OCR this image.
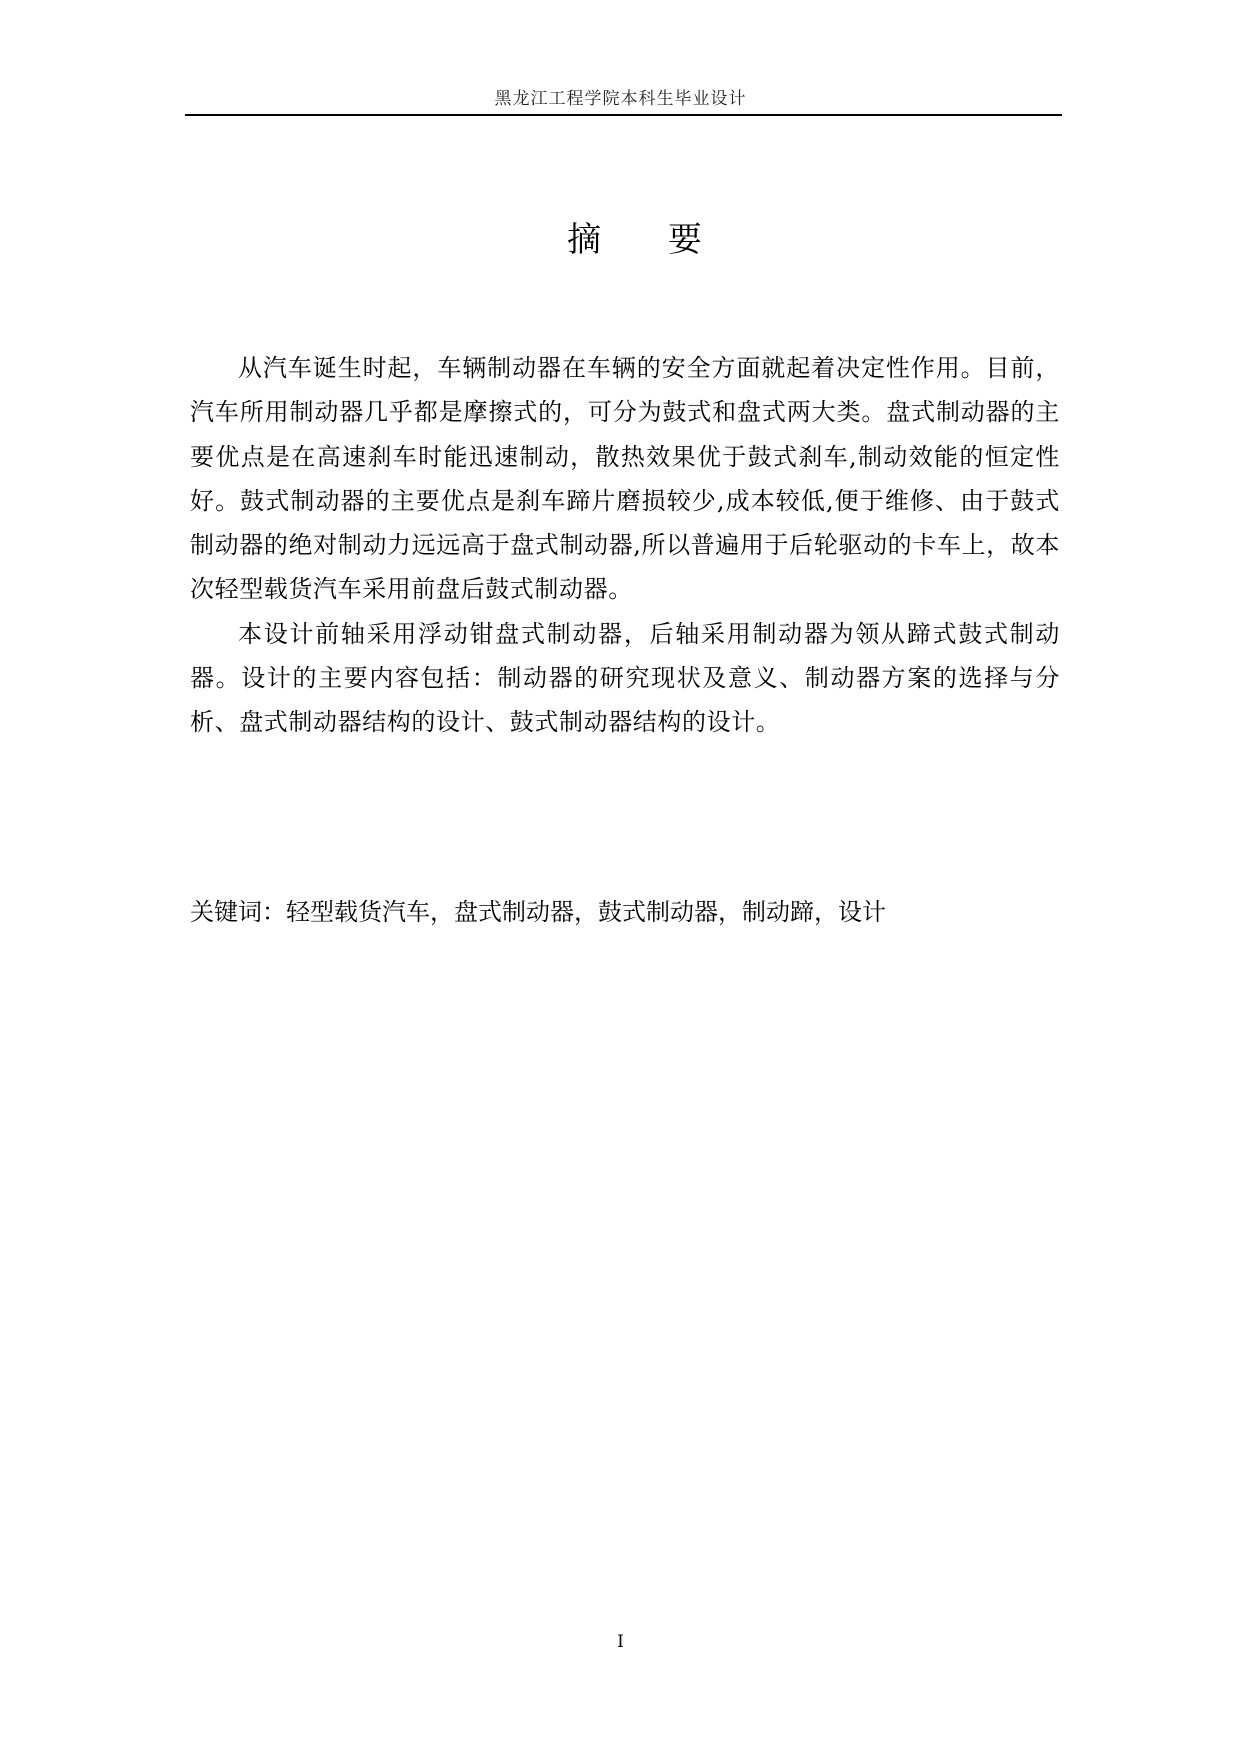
黑龙江工程学院本科生毕业设计
摘 要

从汽车诞生时起，车辆制动器在车辆的安全方面就起着决定性作用。目前，汽车所用制动器几乎都是摩擦式的，可分为鼓式和盘式两大类。盘式制动器的主要优点是在高速刹车时能迅速制动，散热效果优于鼓式刹车,制动效能的恒定性好。鼓式制动器的主要优点是刹车蹄片磨损较少,成本较低,便于维修、由于鼓式制动器的绝对制动力远远高于盘式制动器,所以普遍用于后轮驱动的卡车上，故本次轻型载货汽车采用前盘后鼓式制动器。

本设计前轴采用浮动钳盘式制动器，后轴采用制动器为领从蹄式鼓式制动器。设计的主要内容包括：制动器的研究现状及意义、制动器方案的选择与分析、盘式制动器结构的设计、鼓式制动器结构的设计。

关键词：轻型载货汽车，盘式制动器，鼓式制动器，制动蹄，设计
I
